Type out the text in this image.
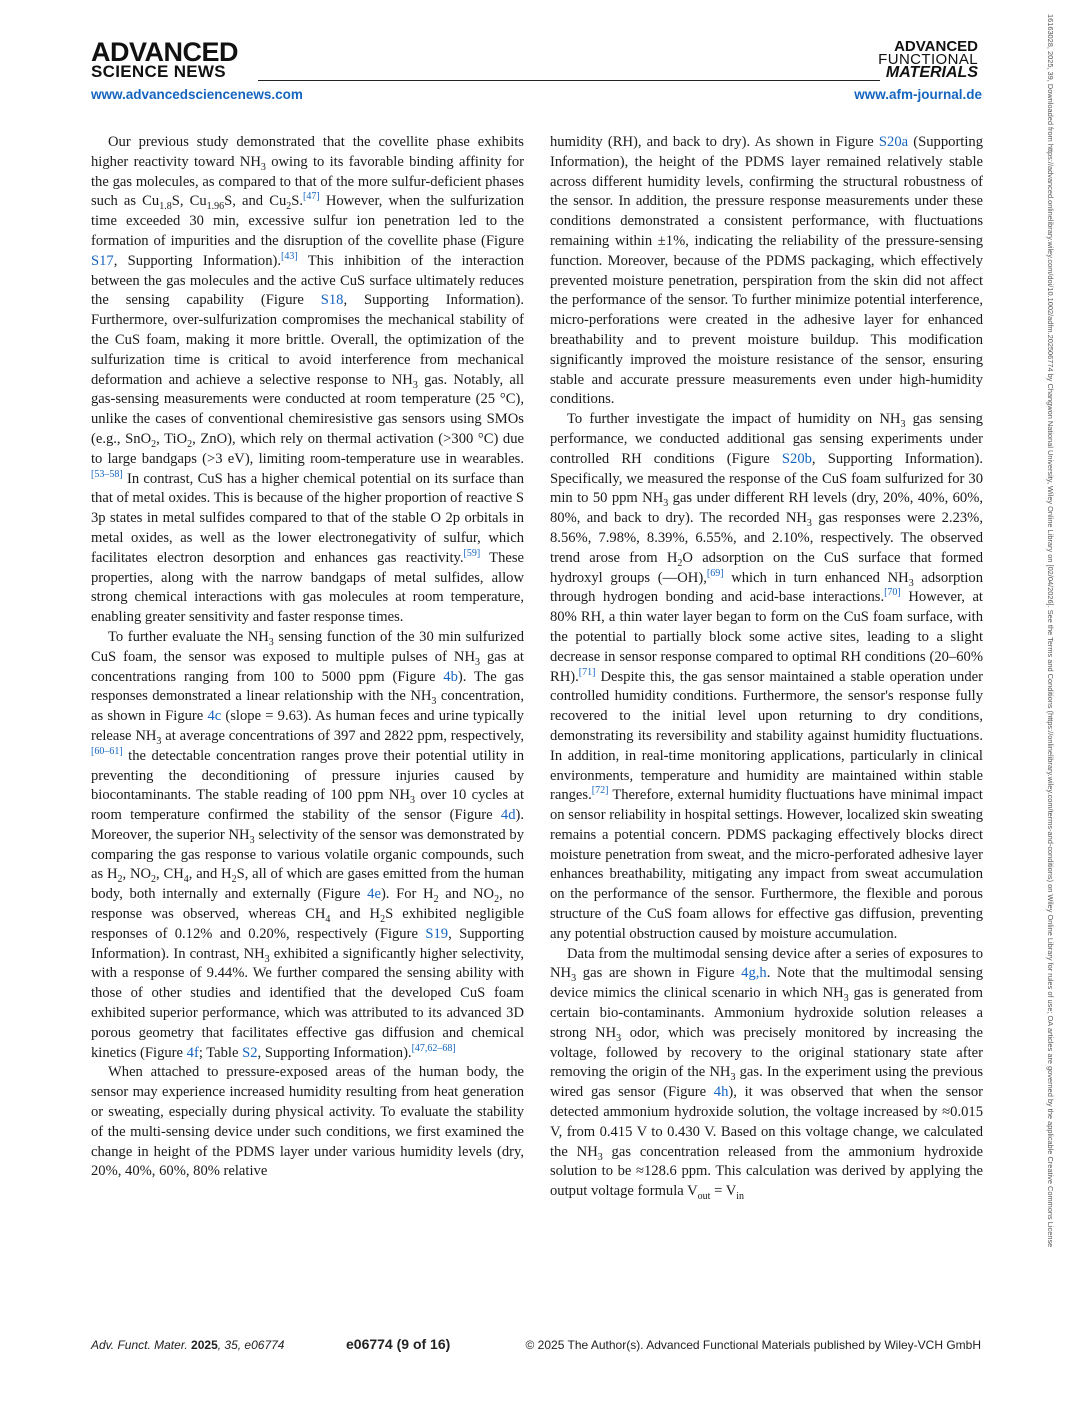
ADVANCED
SCIENCE NEWS
ADVANCED
FUNCTIONAL
MATERIALS
www.advancedsciencenews.com	www.afm-journal.de

Our previous study demonstrated that the covellite phase exhibits higher reactivity toward $NH_3$ owing to its favorable binding affinity for the gas molecules, as compared to that of the more sulfur-deficient phases such as $Cu_{1.8}S$, $Cu_{1.96}S$, and $Cu_2S.[47]$ However, when the sulfurization time exceeded 30 min, excessive sulfur ion penetration led to the formation of impurities and the disruption of the covellite phase (Figure S17, Supporting Information).[43] This inhibition of the interaction between the gas molecules and the active CuS surface ultimately reduces the sensing capability (Figure S18, Supporting Information). Furthermore, over-sulfurization compromises the mechanical stability of the CuS foam, making it more brittle. Overall, the optimization of the sulfurization time is critical to avoid interference from mechanical deformation and achieve a selective response to $NH_3$ gas. Notably, all gas-sensing measurements were conducted at room temperature (25 °C), unlike the cases of conventional chemiresistive gas sensors using SMOs (e.g., SnO$_2$, TiO$_2$, ZnO), which rely on thermal activation (>300 °C) due to large bandgaps (>3 eV), limiting room-temperature use in wearables.[53–58] In contrast, CuS has a higher chemical potential on its surface than that of metal oxides. This is because of the higher proportion of reactive S 3p states in metal sulfides compared to that of the stable O 2p orbitals in metal oxides, as well as the lower electronegativity of sulfur, which facilitates electron desorption and enhances gas reactivity.[59] These properties, along with the narrow bandgaps of metal sulfides, allow strong chemical interactions with gas molecules at room temperature, enabling greater sensitivity and faster response times.

To further evaluate the $NH_3$ sensing function of the 30 min sulfurized CuS foam, the sensor was exposed to multiple pulses of $NH_3$ gas at concentrations ranging from 100 to 5000 ppm (Figure 4b). The gas responses demonstrated a linear relationship with the $NH_3$ concentration, as shown in Figure 4c (slope = 9.63). As human feces and urine typically release $NH_3$ at average concentrations of 397 and 2822 ppm, respectively,[60–61] the detectable concentration ranges prove their potential utility in preventing the deconditioning of pressure injuries caused by biocontaminants. The stable reading of 100 ppm $NH_3$ over 10 cycles at room temperature confirmed the stability of the sensor (Figure 4d). Moreover, the superior $NH_3$ selectivity of the sensor was demonstrated by comparing the gas response to various volatile organic compounds, such as $H_2$, $NO_2$, $CH_4$, and $H_2S$, all of which are gases emitted from the human body, both internally and externally (Figure 4e). For $H_2$ and $NO_2$, no response was observed, whereas $CH_4$ and $H_2S$ exhibited negligible responses of 0.12% and 0.20%, respectively (Figure S19, Supporting Information). In contrast, $NH_3$ exhibited a significantly higher selectivity, with a response of 9.44%. We further compared the sensing ability with those of other studies and identified that the developed CuS foam exhibited superior performance, which was attributed to its advanced 3D porous geometry that facilitates effective gas diffusion and chemical kinetics (Figure 4f; Table S2, Supporting Information).[47,62–68]

When attached to pressure-exposed areas of the human body, the sensor may experience increased humidity resulting from heat generation or sweating, especially during physical activity. To evaluate the stability of the multi-sensing device under such conditions, we first examined the change in height of the PDMS layer under various humidity levels (dry, 20%, 40%, 60%, 80% relative

humidity (RH), and back to dry). As shown in Figure S20a (Supporting Information), the height of the PDMS layer remained relatively stable across different humidity levels, confirming the structural robustness of the sensor. In addition, the pressure response measurements under these conditions demonstrated a consistent performance, with fluctuations remaining within ±1%, indicating the reliability of the pressure-sensing function. Moreover, because of the PDMS packaging, which effectively prevented moisture penetration, perspiration from the skin did not affect the performance of the sensor. To further minimize potential interference, micro-perforations were created in the adhesive layer for enhanced breathability and to prevent moisture buildup. This modification significantly improved the moisture resistance of the sensor, ensuring stable and accurate pressure measurements even under high-humidity conditions.

To further investigate the impact of humidity on $NH_3$ gas sensing performance, we conducted additional gas sensing experiments under controlled RH conditions (Figure S20b, Supporting Information). Specifically, we measured the response of the CuS foam sulfurized for 30 min to 50 ppm $NH_3$ gas under different RH levels (dry, 20%, 40%, 60%, 80%, and back to dry). The recorded $NH_3$ gas responses were 2.23%, 8.56%, 7.98%, 8.39%, 6.55%, and 2.10%, respectively. The observed trend arose from $H_2O$ adsorption on the CuS surface that formed hydroxyl groups (—OH),[69] which in turn enhanced $NH_3$ adsorption through hydrogen bonding and acid-base interactions.[70] However, at 80% RH, a thin water layer began to form on the CuS foam surface, with the potential to partially block some active sites, leading to a slight decrease in sensor response compared to optimal RH conditions (20–60% RH).[71] Despite this, the gas sensor maintained a stable operation under controlled humidity conditions. Furthermore, the sensor's response fully recovered to the initial level upon returning to dry conditions, demonstrating its reversibility and stability against humidity fluctuations. In addition, in real-time monitoring applications, particularly in clinical environments, temperature and humidity are maintained within stable ranges.[72] Therefore, external humidity fluctuations have minimal impact on sensor reliability in hospital settings. However, localized skin sweating remains a potential concern. PDMS packaging effectively blocks direct moisture penetration from sweat, and the micro-perforated adhesive layer enhances breathability, mitigating any impact from sweat accumulation on the performance of the sensor. Furthermore, the flexible and porous structure of the CuS foam allows for effective gas diffusion, preventing any potential obstruction caused by moisture accumulation.

Data from the multimodal sensing device after a series of exposures to $NH_3$ gas are shown in Figure 4g,h. Note that the multimodal sensing device mimics the clinical scenario in which $NH_3$ gas is generated from certain bio-contaminants. Ammonium hydroxide solution releases a strong $NH_3$ odor, which was precisely monitored by increasing the voltage, followed by recovery to the original stationary state after removing the origin of the $NH_3$ gas. In the experiment using the previous wired gas sensor (Figure 4h), it was observed that when the sensor detected ammonium hydroxide solution, the voltage increased by ≈0.015 V, from 0.415 V to 0.430 V. Based on this voltage change, we calculated the $NH_3$ gas concentration released from the ammonium hydroxide solution to be ≈128.6 ppm. This calculation was derived by applying the output voltage formula $V_{out} = V_{in}$

Adv. Funct. Mater. 2025, 35, e06774	e06774 (9 of 16)	© 2025 The Author(s). Advanced Functional Materials published by Wiley-VCH GmbH
16163028, 2025, 39, Downloaded from https://advanced.onlinelibrary.wiley.com/doi/10.1002/adfm.202506774 by Changwon National University, Wiley Online Library on [02/04/2026]. See the Terms and Conditions (https://onlinelibrary.wiley.com/terms-and-conditions) on Wiley Online Library for rules of use; OA articles are governed by the applicable Creative Commons License
